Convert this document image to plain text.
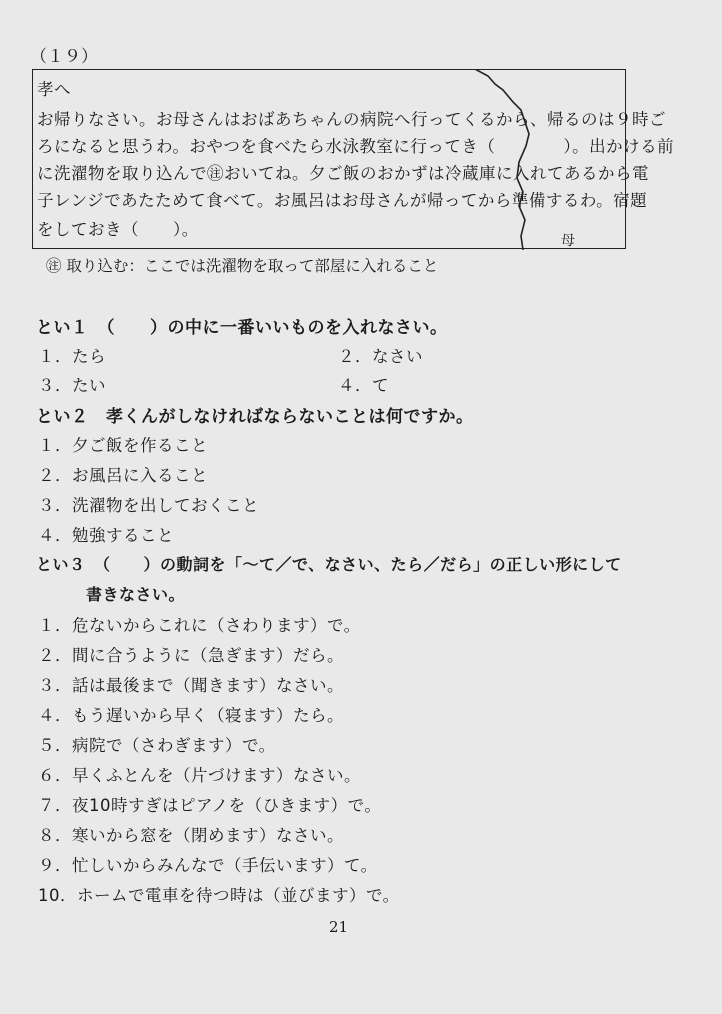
（１９）
孝へ
お帰りなさい。お母さんはおばあちゃんの病院へ行ってくるから、帰るのは９時ご
ろになると思うわ。おやつを食べたら水泳教室に行ってき（　　　　）。出かける前
に洗濯物を取り込んで㊟おいてね。夕ご飯のおかずは冷蔵庫に入れてあるから電
子レンジであたためて食べて。お風呂はお母さんが帰ってから準備するわ。宿題
をしておき（　　）。
母
㊟ 取り込む：ここでは洗濯物を取って部屋に入れること
とい１　（　　）の中に一番いいものを入れなさい。
１．たら	２．なさい
３．たい	４．て
とい２　孝くんがしなければならないことは何ですか。
１．夕ご飯を作ること
２．お風呂に入ること
３．洗濯物を出しておくこと
４．勉強すること
とい３　（　　）の動詞を「～て／で、なさい、たら／だら」の正しい形にして
書きなさい。
１．危ないからこれに（さわります）で。
２．間に合うように（急ぎます）だら。
３．話は最後まで（聞きます）なさい。
４．もう遅いから早く（寝ます）たら。
５．病院で（さわぎます）で。
６．早くふとんを（片づけます）なさい。
７．夜10時すぎはピアノを（ひきます）で。
８．寒いから窓を（閉めます）なさい。
９．忙しいからみんなで（手伝います）て。
10．ホームで電車を待つ時は（並びます）で。
21
